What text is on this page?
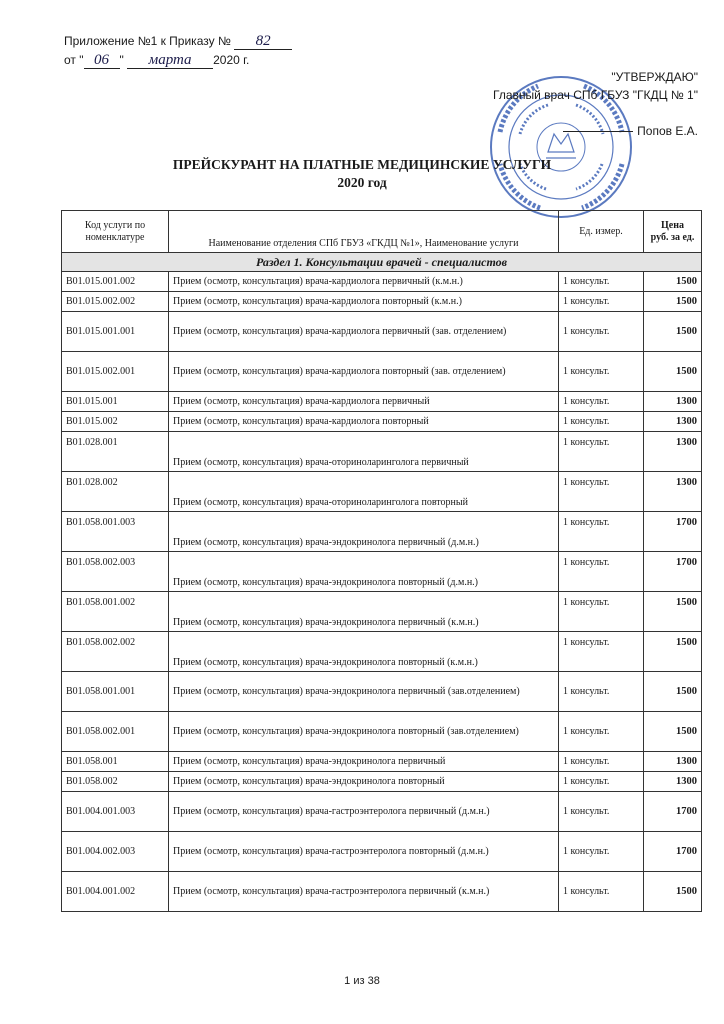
Приложение №1 к Приказу № 82
от " 06 " марта 2020 г.
"УТВЕРЖДАЮ"
Главный врач СПб ГБУЗ "ГКДЦ № 1"
Попов Е.А.
ПРЕЙСКУРАНТ НА ПЛАТНЫЕ МЕДИЦИНСКИЕ УСЛУГИ
2020 год
Код услуги по номенклатуре	Наименование отделения СПб ГБУЗ «ГКДЦ №1», Наименование услуги	Ед. измер.	Цена
руб. за ед.

Раздел 1. Консультации врачей - специалистов			
B01.015.001.002	Прием (осмотр, консультация) врача-кардиолога первичный (к.м.н.)	1 консульт.	1500
B01.015.002.002	Прием (осмотр, консультация) врача-кардиолога повторный (к.м.н.)	1 консульт.	1500
B01.015.001.001	Прием (осмотр, консультация) врача-кардиолога первичный (зав. отделением)	1 консульт.	1500
B01.015.002.001	Прием (осмотр, консультация) врача-кардиолога повторный (зав. отделением)	1 консульт.	1500
B01.015.001	Прием (осмотр, консультация) врача-кардиолога первичный	1 консульт.	1300
B01.015.002	Прием (осмотр, консультация) врача-кардиолога повторный	1 консульт.	1300
B01.028.001	Прием (осмотр, консультация) врача-оториноларинголога первичный	1 консульт.	1300
B01.028.002	Прием (осмотр, консультация) врача-оториноларинголога повторный	1 консульт.	1300
B01.058.001.003	Прием (осмотр, консультация) врача-эндокринолога первичный (д.м.н.)	1 консульт.	1700
B01.058.002.003	Прием (осмотр, консультация) врача-эндокринолога повторный (д.м.н.)	1 консульт.	1700
B01.058.001.002	Прием (осмотр, консультация) врача-эндокринолога первичный (к.м.н.)	1 консульт.	1500
B01.058.002.002	Прием (осмотр, консультация) врача-эндокринолога повторный (к.м.н.)	1 консульт.	1500
B01.058.001.001	Прием (осмотр, консультация) врача-эндокринолога первичный (зав.отделением)	1 консульт.	1500
B01.058.002.001	Прием (осмотр, консультация) врача-эндокринолога повторный (зав.отделением)	1 консульт.	1500
B01.058.001	Прием (осмотр, консультация) врача-эндокринолога первичный	1 консульт.	1300
B01.058.002	Прием (осмотр, консультация) врача-эндокринолога повторный	1 консульт.	1300
B01.004.001.003	Прием (осмотр, консультация) врача-гастроэнтеролога первичный (д.м.н.)	1 консульт.	1700
B01.004.002.003	Прием (осмотр, консультация) врача-гастроэнтеролога повторный (д.м.н.)	1 консульт.	1700
B01.004.001.002	Прием (осмотр, консультация) врача-гастроэнтеролога первичный (к.м.н.)	1 консульт.	1500
1 из 38
